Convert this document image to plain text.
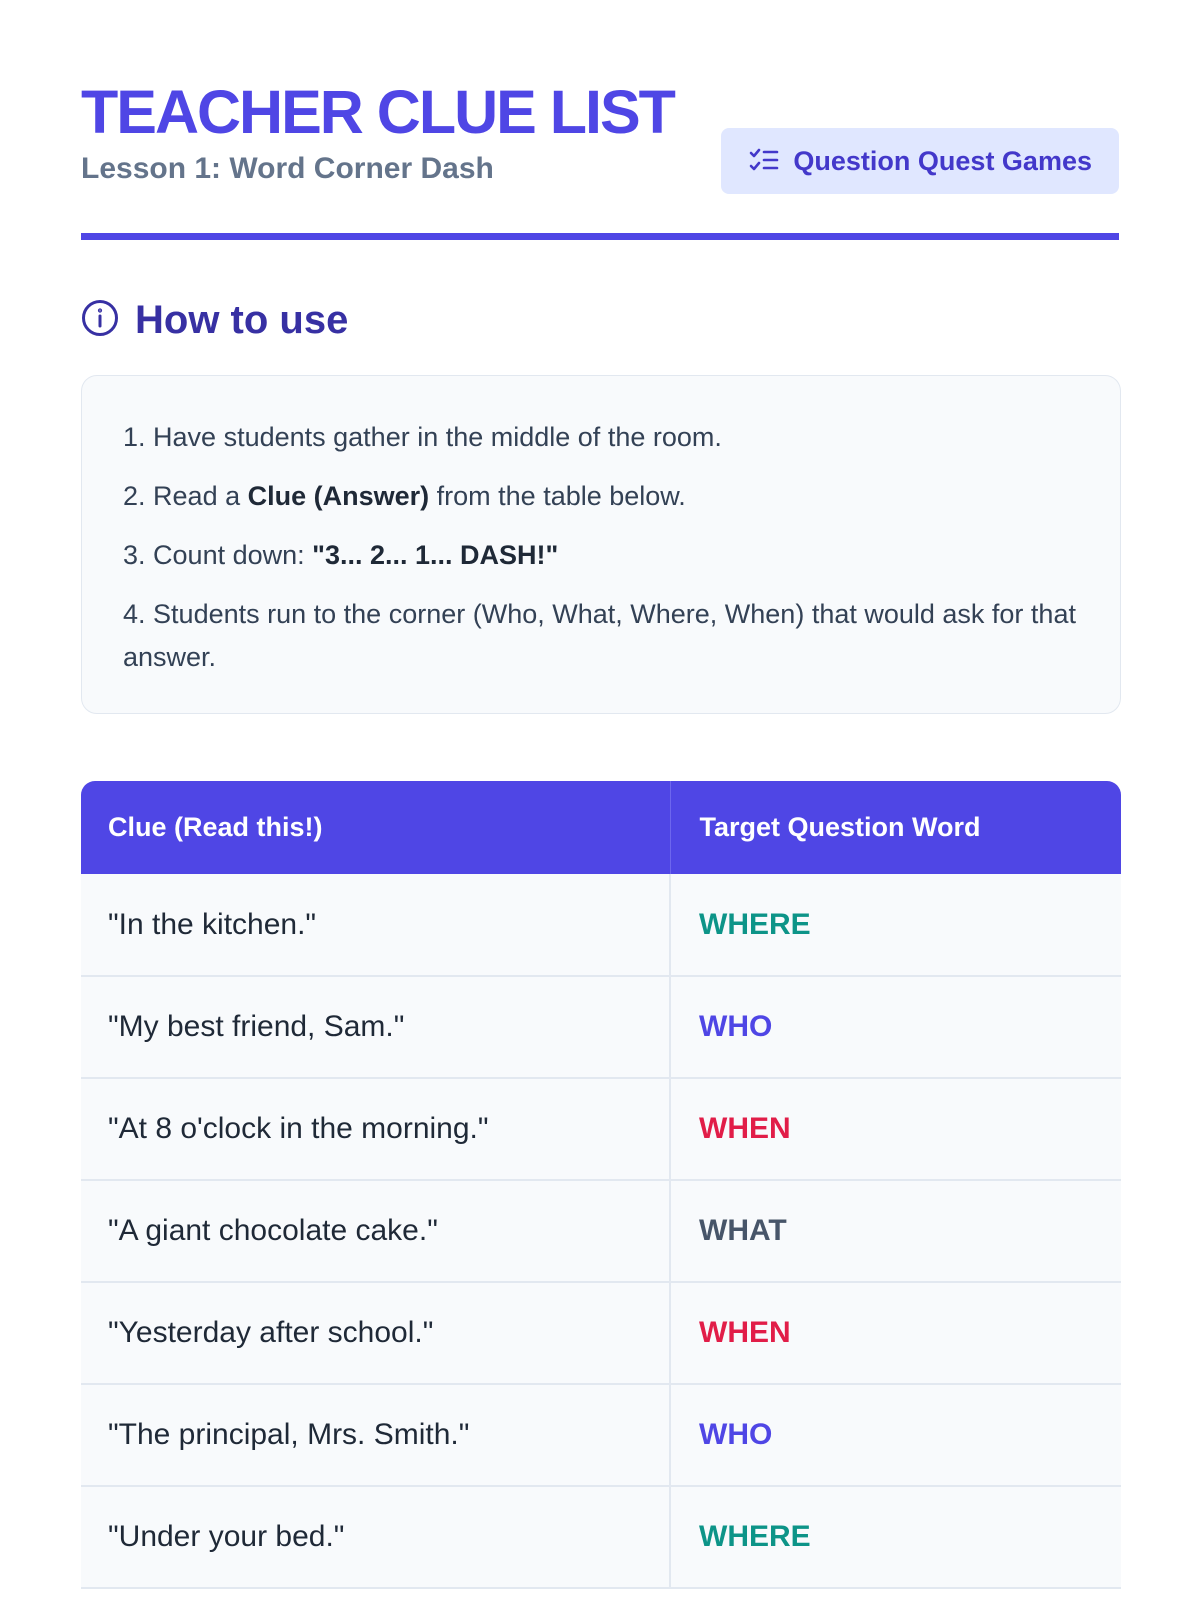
TEACHER CLUE LIST

Lesson 1: Word Corner Dash	Question Quest Games
How to use

1. Have students gather in the middle of the room.

2. Read a Clue (Answer) from the table below.

3. Count down: "3... 2... 1... DASH!"

4. Students run to the corner (Who, What, Where, When) that would ask for that answer.

Clue (Read this!)	Target Question Word
"In the kitchen."	WHERE
"My best friend, Sam."	WHO
"At 8 o'clock in the morning."	WHEN
"A giant chocolate cake."	WHAT
"Yesterday after school."	WHEN
"The principal, Mrs. Smith."	WHO
"Under your bed."	WHERE
